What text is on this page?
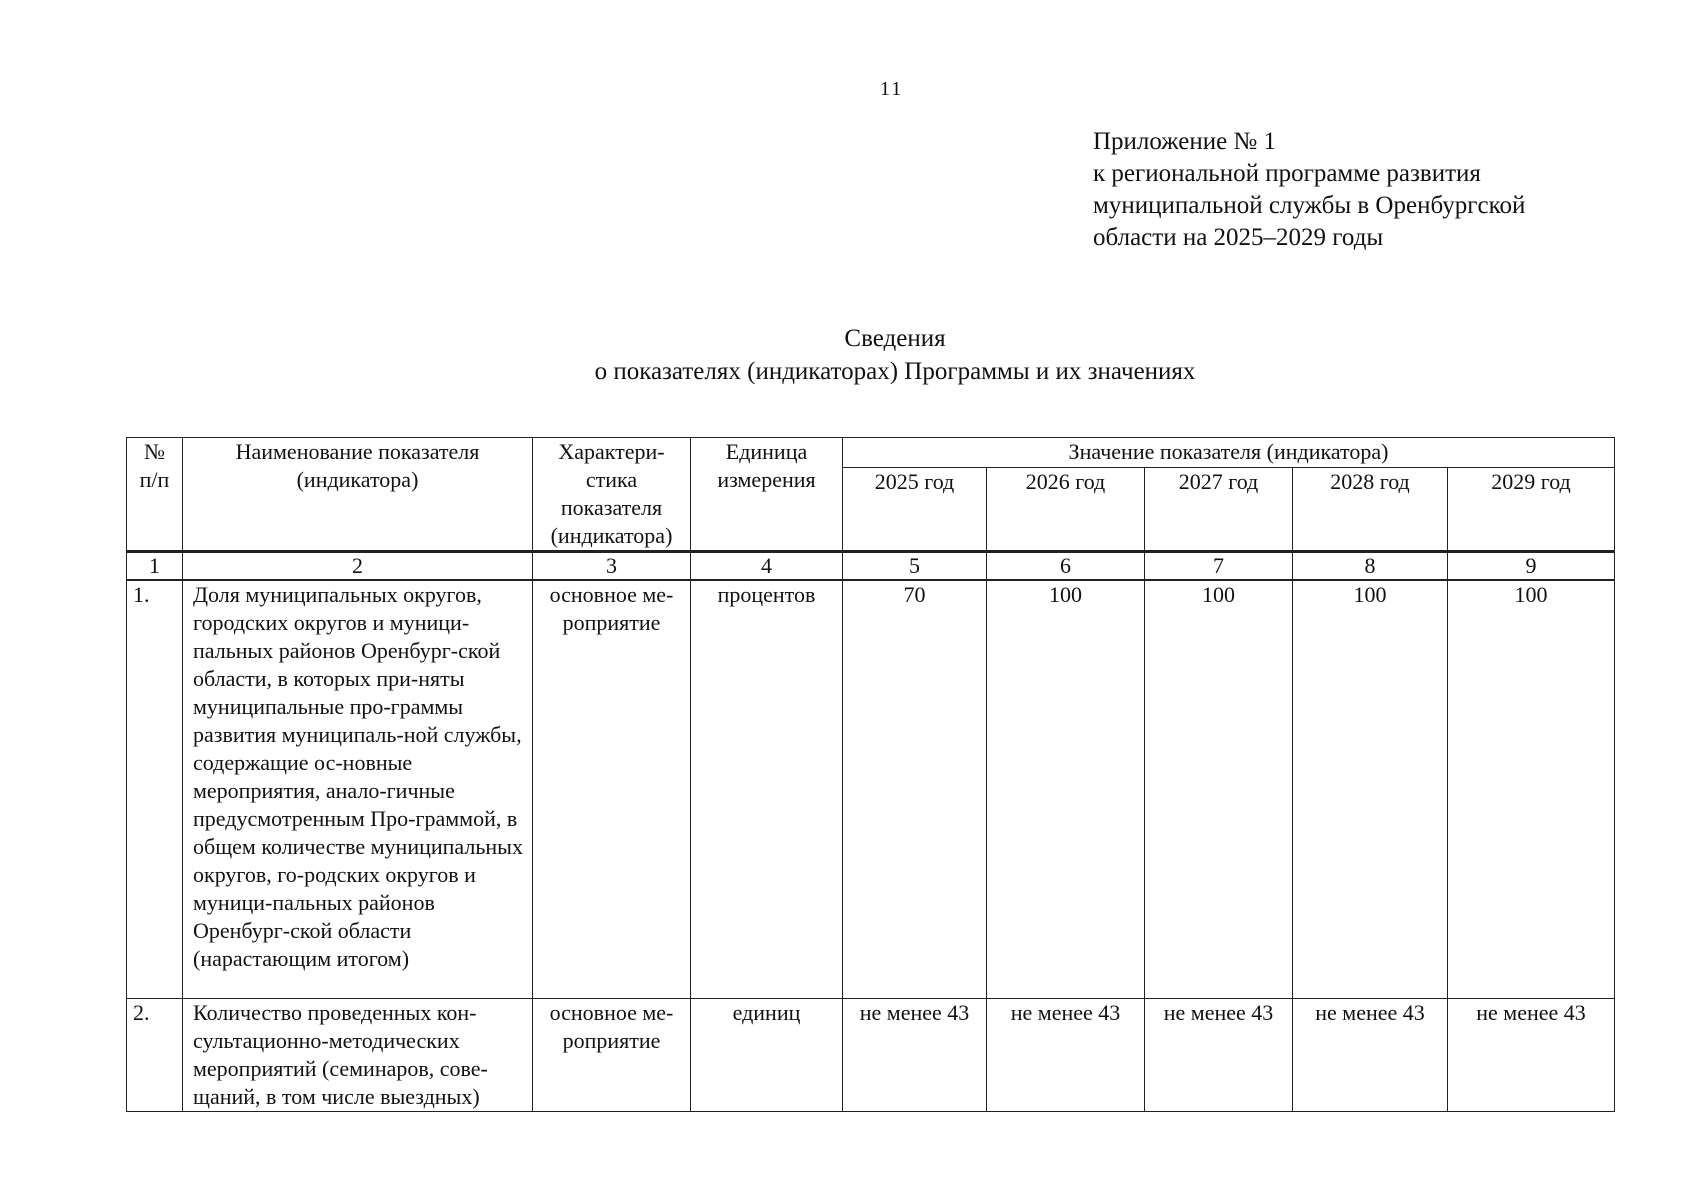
11
Приложение № 1
к региональной программе развития
муниципальной службы в Оренбургской
области на 2025–2029 годы
Сведения
о показателях (индикаторах) Программы и их значениях
№ п/п	Наименование показателя (индикатора)	Характери-стика показателя (индикатора)	Единица измерения	Значение показателя (индикатора)				
				2025 год	2026 год	2027 год	2028 год	2029 год
1	2	3	4	5	6	7	8	9
1.	Доля муниципальных округов, городских округов и муници-пальных районов Оренбург-ской области, в которых при-няты муниципальные про-граммы развития муниципаль-ной службы, содержащие ос-новные мероприятия, анало-гичные предусмотренным Про-граммой, в общем количестве муниципальных округов, го-родских округов и муници-пальных районов Оренбург-ской области (нарастающим итогом)	основное ме-роприятие	процентов	70	100	100	100	100
2.	Количество проведенных кон-сультационно-методических мероприятий (семинаров, сове-щаний, в том числе выездных)	основное ме-роприятие	единиц	не менее 43	не менее 43	не менее 43	не менее 43	не менее 43
